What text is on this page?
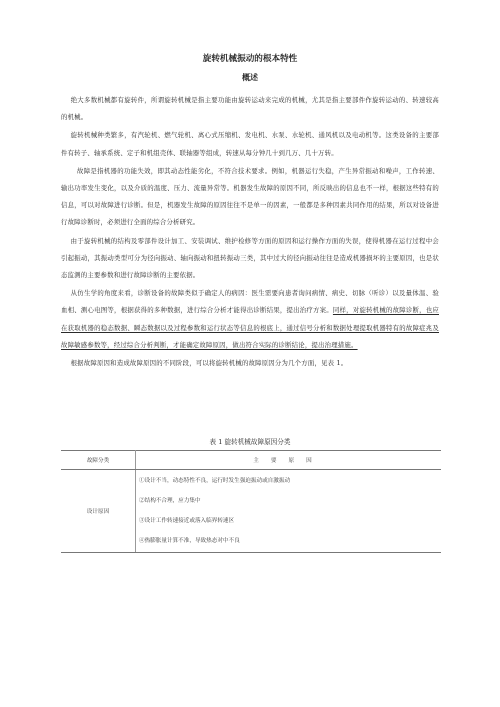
旋转机械振动的根本特性
概述

绝大多数机械都有旋转件，所谓旋转机械是指主要功能由旋转运动来完成的机械，尤其是指主要部件作旋转运动的、转速较高的机械。

旋转机械种类繁多，有汽轮机、燃气轮机、离心式压缩机、发电机、水泵、水轮机、通风机以及电动机等。这类设备的主要部件有转子、轴承系统、定子和机组壳体、联轴器等组成，转速从每分钟几十到几万、几十万转。

故障是指机器的功能失效，即其动态性能劣化，不符合技术要求。例如，机器运行失稳，产生异常振动和噪声，工作转速、输出功率发生变化，以及介质的温度、压力、流量异常等。机器发生故障的原因不同，所反映出的信息也不一样，根据这些特有的信息，可以对故障进行诊断。但是，机器发生故障的原因往往不是单一的因素，一般都是多种因素共同作用的结果，所以对设备进行故障诊断时，必须进行全面的综合分析研究。

由于旋转机械的结构及零部件设计加工、安装调试、维护检修等方面的原因和运行操作方面的失误，使得机器在运行过程中会引起振动，其振动类型可分为径向振动、轴向振动和扭转振动三类，其中过大的径向振动往往是造成机器损坏的主要原因，也是状态监测的主要参数和进行故障诊断的主要依据。

从仿生学的角度来看，诊断设备的故障类似于确定人的病因：医生需要向患者询问病情、病史、切脉（听诊）以及量体温、验血相、测心电图等，根据获得的多种数据，进行综合分析才能得出诊断结果，提出治疗方案。同样，对旋转机械的故障诊断，也应在获取机器的稳态数据、瞬态数据以及过程参数和运行状态等信息的根底上，通过信号分析和数据处理提取机器特有的故障症兆及故障敏感参数等，经过综合分析判断，才能确定故障原因，做出符合实际的诊断结论，提出治理措施。

根据故障原因和造成故障原因的不同阶段，可以将旋转机械的故障原因分为几个方面，见表 1。

表 1 旋转机械故障原因分类
故障分类	主要原因
设计原因	①设计不当，动态特性不良，运行时发生强迫振动或自激振动
②结构不合理，应力集中
③设计工作转速接近或落入临界转速区
④热膨胀量计算不准，导致热态对中不良
